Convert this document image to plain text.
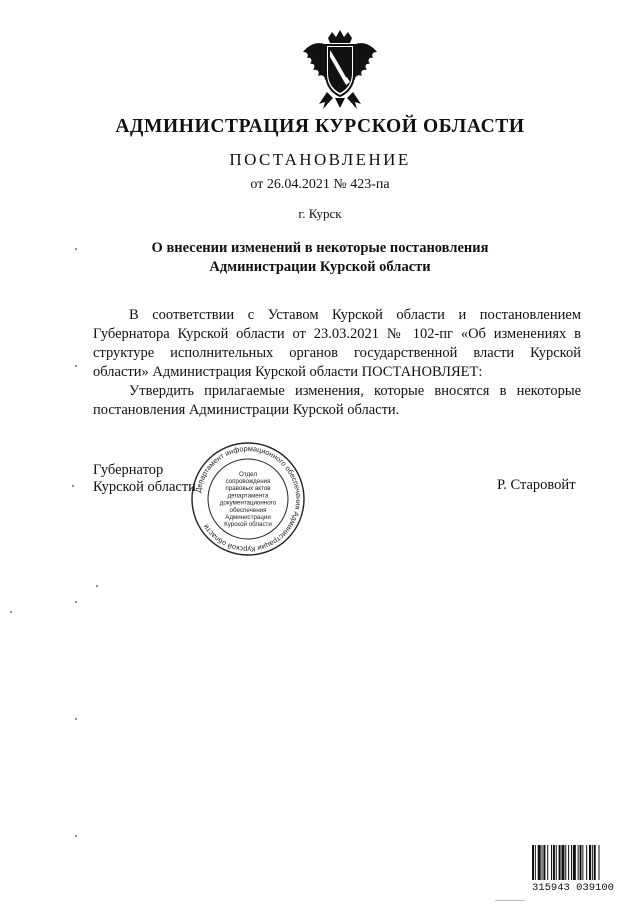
АДМИНИСТРАЦИЯ КУРСКОЙ ОБЛАСТИ
ПОСТАНОВЛЕНИЕ
от 26.04.2021 № 423-па
г. Курск
О внесении изменений в некоторые постановления
Администрации Курской области
В соответствии с Уставом Курской области и постановлением
Губернатора Курской области от 23.03.2021 № 102-пг «Об изменениях в
структуре исполнительных органов государственной власти Курской
области» Администрация Курской области ПОСТАНОВЛЯЕТ:
Утвердить прилагаемые изменения, которые вносятся в некоторые
постановления Администрации Курской области.
Губернатор
Курской области	Р. Старовойт
Департамент информационного обеспечения Администрации Курской области
Отдел
сопровождения
правовых актов
департамента
документационного
обеспечения
Администрации
Курской области
315943 039100
